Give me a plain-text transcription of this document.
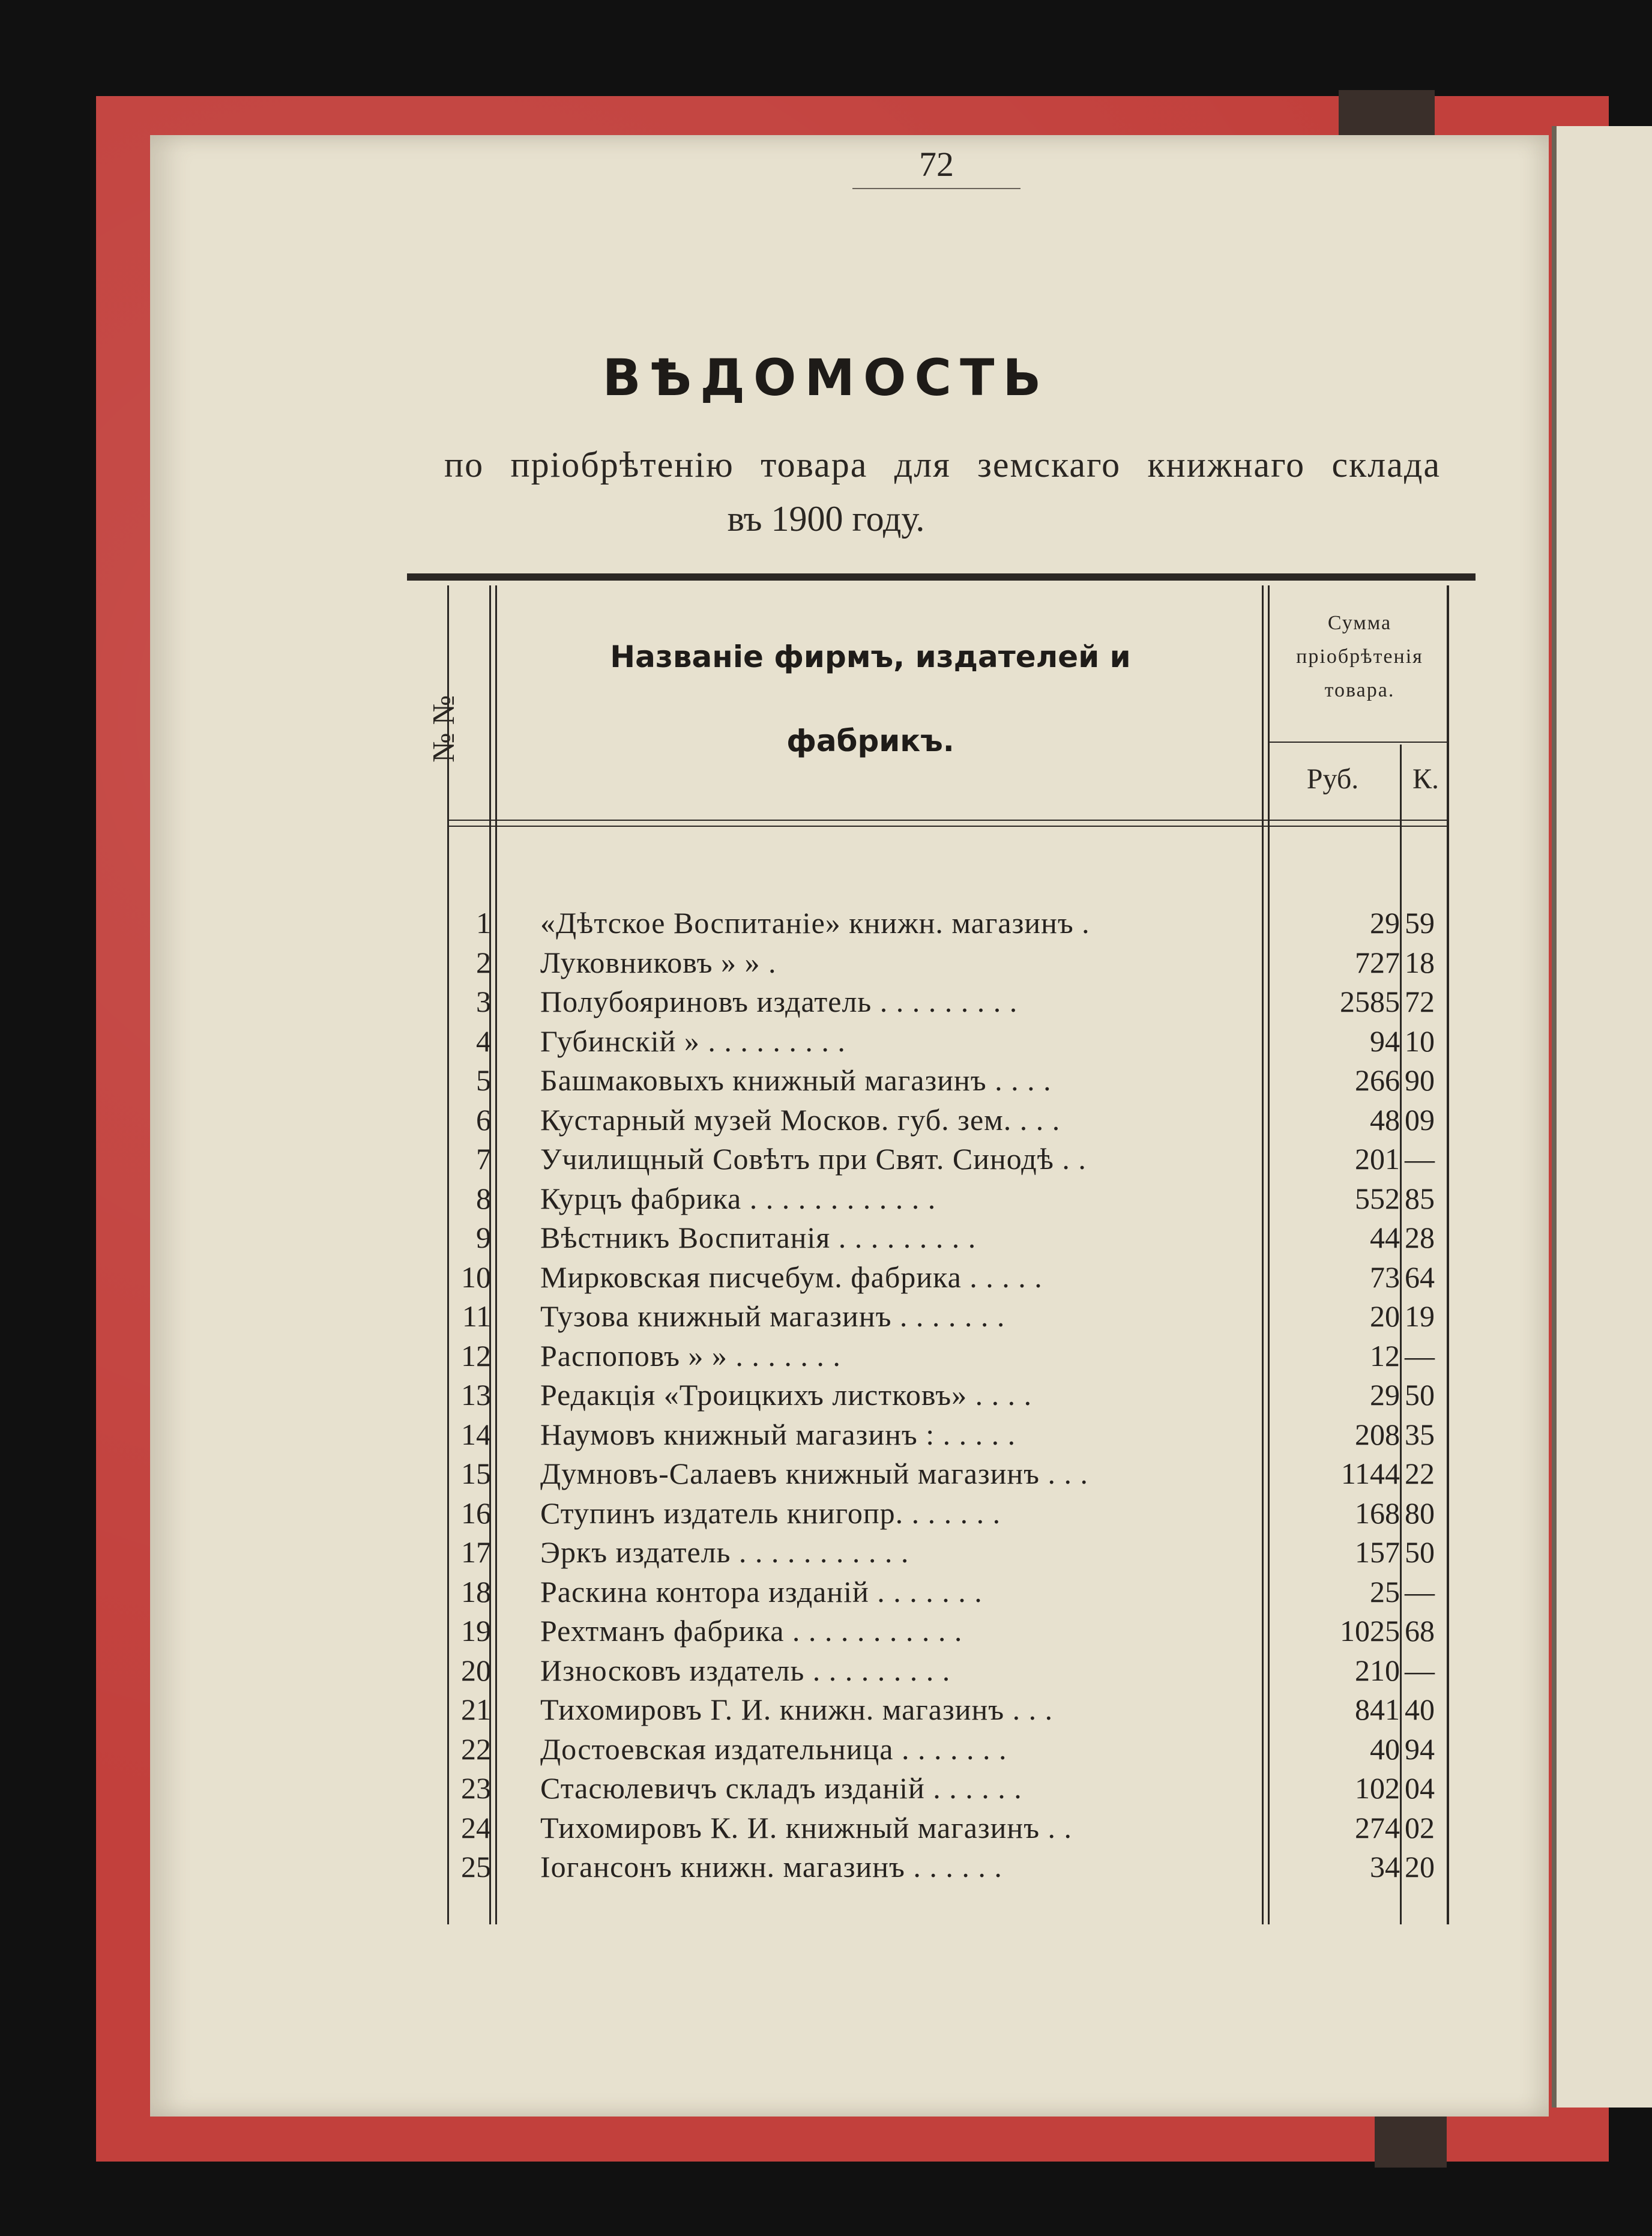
72
ВѢДОМОСТЬ
по пріобрѣтенію товара для земскаго книжнаго склада
въ 1900 году.
№ №
Названіе фирмъ, издателей и
фабрикъ.
Сумма
пріобрѣтенія
товара.
Руб.	К.
1 «Дѣтское Воспитаніе» книжн. магазинъ .	29 59
2 Луковниковъ » » .	727 18
3 Полубояриновъ издатель . . . . . . . . .	2585 72
4 Губинскій » . . . . . . . . .	94 10
5 Башмаковыхъ книжный магазинъ . . . .	266 90
6 Кустарный музей Москов. губ. зем. . . .	48 09
7 Училищный Совѣтъ при Свят. Синодѣ . .	201 —
8 Курцъ фабрика . . . . . . . . . . . .	552 85
9 Вѣстникъ Воспитанія . . . . . . . . .	44 28
10 Мирковская писчебум. фабрика . . . . .	73 64
11 Тузова книжный магазинъ . . . . . . .	20 19
12 Распоповъ » » . . . . . . .	12 —
13 Редакція «Троицкихъ листковъ» . . . .	29 50
14 Наумовъ книжный магазинъ : . . . . .	208 35
15 Думновъ-Салаевъ книжный магазинъ . . .	1144 22
16 Ступинъ издатель книгопр. . . . . . .	168 80
17 Эркъ издатель . . . . . . . . . . .	157 50
18 Раскина контора изданій . . . . . . .	25 —
19 Рехтманъ фабрика . . . . . . . . . . .	1025 68
20 Износковъ издатель . . . . . . . . .	210 —
21 Тихомировъ Г. И. книжн. магазинъ . . .	841 40
22 Достоевская издательница . . . . . . .	40 94
23 Стасюлевичъ складъ изданій . . . . . .	102 04
24 Тихомировъ К. И. книжный магазинъ . .	274 02
25 Іогансонъ книжн. магазинъ . . . . . .	34 20
